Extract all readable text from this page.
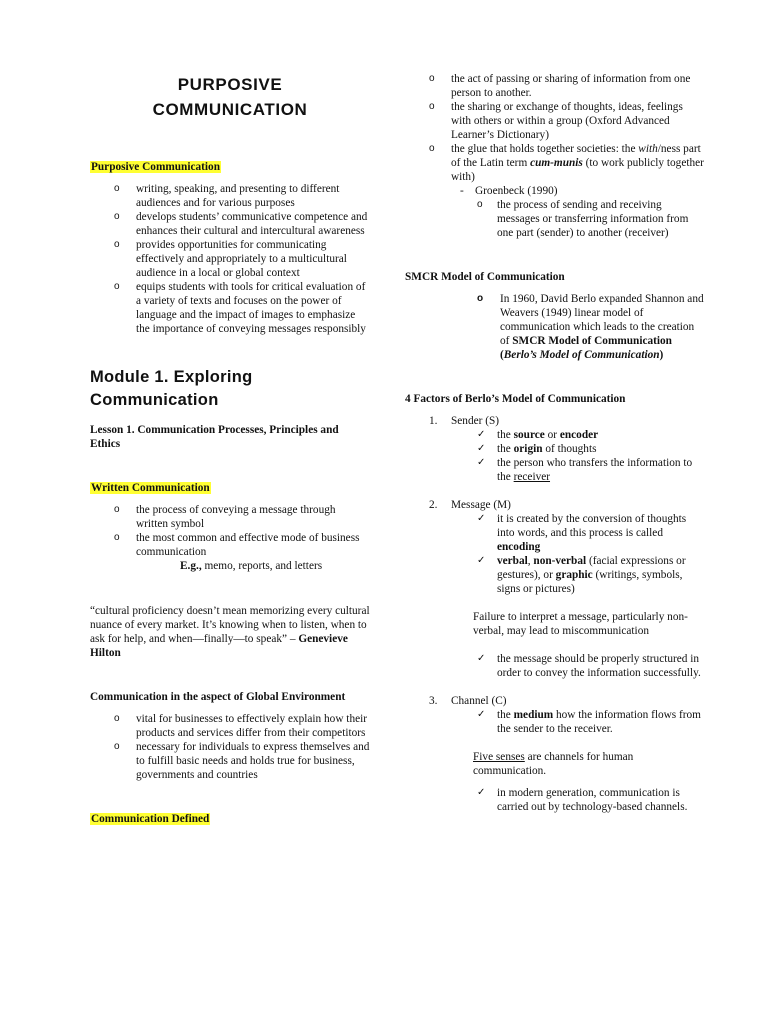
PURPOSIVE COMMUNICATION
Purposive Communication
o writing, speaking, and presenting to different audiences and for various purposes
o develops students’ communicative competence and enhances their cultural and intercultural awareness
o provides opportunities for communicating effectively and appropriately to a multicultural audience in a local or global context
o equips students with tools for critical evaluation of a variety of texts and focuses on the power of language and the impact of images to emphasize the importance of conveying messages responsibly
Module 1. Exploring Communication
Lesson 1. Communication Processes, Principles and Ethics
Written Communication
o the process of conveying a message through written symbol
o the most common and effective mode of business communication
E.g., memo, reports, and letters
“cultural proficiency doesn’t mean memorizing every cultural nuance of every market. It’s knowing when to listen, when to ask for help, and when—finally—to speak” – Genevieve Hilton
Communication in the aspect of Global Environment
o vital for businesses to effectively explain how their products and services differ from their competitors
o necessary for individuals to express themselves and to fulfill basic needs and holds true for business, governments and countries
Communication Defined
o the act of passing or sharing of information from one person to another.
o the sharing or exchange of thoughts, ideas, feelings with others or within a group (Oxford Advanced Learner’s Dictionary)
o the glue that holds together societies: the with/ness part of the Latin term cum-munis (to work publicly together with)
- Groenbeck (1990)
o the process of sending and receiving messages or transferring information from one part (sender) to another (receiver)
SMCR Model of Communication
o In 1960, David Berlo expanded Shannon and Weavers (1949) linear model of communication which leads to the creation of SMCR Model of Communication (Berlo’s Model of Communication)
4 Factors of Berlo’s Model of Communication
1. Sender (S)
✓ the source or encoder
✓ the origin of thoughts
✓ the person who transfers the information to the receiver
2. Message (M)
✓ it is created by the conversion of thoughts into words, and this process is called encoding
✓ verbal, non-verbal (facial expressions or gestures), or graphic (writings, symbols, signs or pictures)
Failure to interpret a message, particularly non-verbal, may lead to miscommunication
✓ the message should be properly structured in order to convey the information successfully.
3. Channel (C)
✓ the medium how the information flows from the sender to the receiver.
Five senses are channels for human communication.
✓ in modern generation, communication is carried out by technology-based channels.
